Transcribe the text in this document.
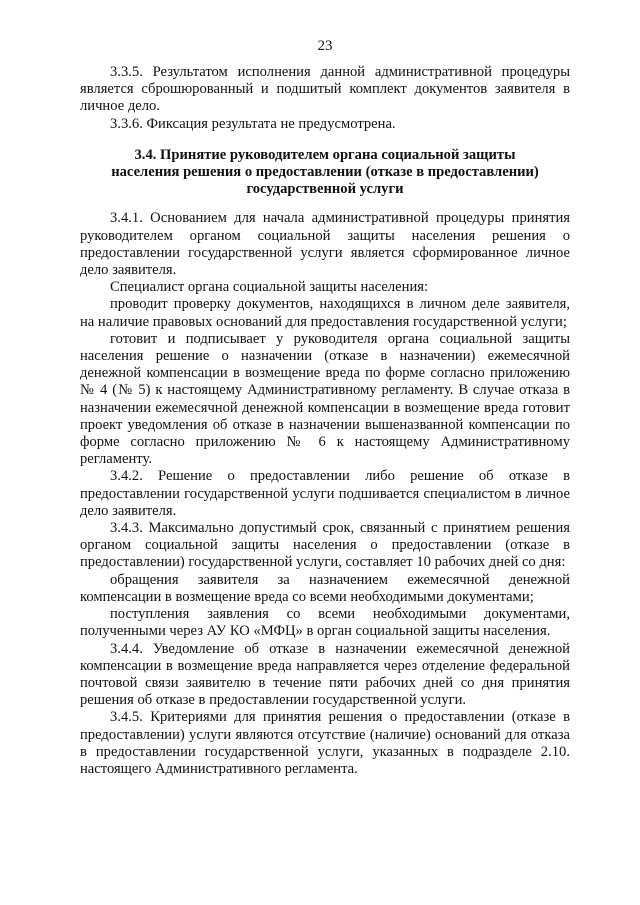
23

3.3.5. Результатом исполнения данной административной процедуры является сброшюрованный и подшитый комплект документов заявителя в личное дело.

3.3.6. Фиксация результата не предусмотрена.

3.4. Принятие руководителем органа социальной защиты населения решения о предоставлении (отказе в предоставлении) государственной услуги

3.4.1. Основанием для начала административной процедуры принятия руководителем органом социальной защиты населения решения о предоставлении государственной услуги является сформированное личное дело заявителя.

Специалист органа социальной защиты населения:

проводит проверку документов, находящихся в личном деле заявителя, на наличие правовых оснований для предоставления государственной услуги;

готовит и подписывает у руководителя органа социальной защиты населения решение о назначении (отказе в назначении) ежемесячной денежной компенсации в возмещение вреда по форме согласно приложению № 4 (№ 5) к настоящему Административному регламенту. В случае отказа в назначении ежемесячной денежной компенсации в возмещение вреда готовит проект уведомления об отказе в назначении вышеназванной компенсации по форме согласно приложению № 6 к настоящему Административному регламенту.

3.4.2. Решение о предоставлении либо решение об отказе в предоставлении государственной услуги подшивается специалистом в личное дело заявителя.

3.4.3. Максимально допустимый срок, связанный с принятием решения органом социальной защиты населения о предоставлении (отказе в предоставлении) государственной услуги, составляет 10 рабочих дней со дня:

обращения заявителя за назначением ежемесячной денежной компенсации в возмещение вреда со всеми необходимыми документами;

поступления заявления со всеми необходимыми документами, полученными через АУ КО «МФЦ» в орган социальной защиты населения.

3.4.4. Уведомление об отказе в назначении ежемесячной денежной компенсации в возмещение вреда направляется через отделение федеральной почтовой связи заявителю в течение пяти рабочих дней со дня принятия решения об отказе в предоставлении государственной услуги.

3.4.5. Критериями для принятия решения о предоставлении (отказе в предоставлении) услуги являются отсутствие (наличие) оснований для отказа в предоставлении государственной услуги, указанных в подразделе 2.10. настоящего Административного регламента.
